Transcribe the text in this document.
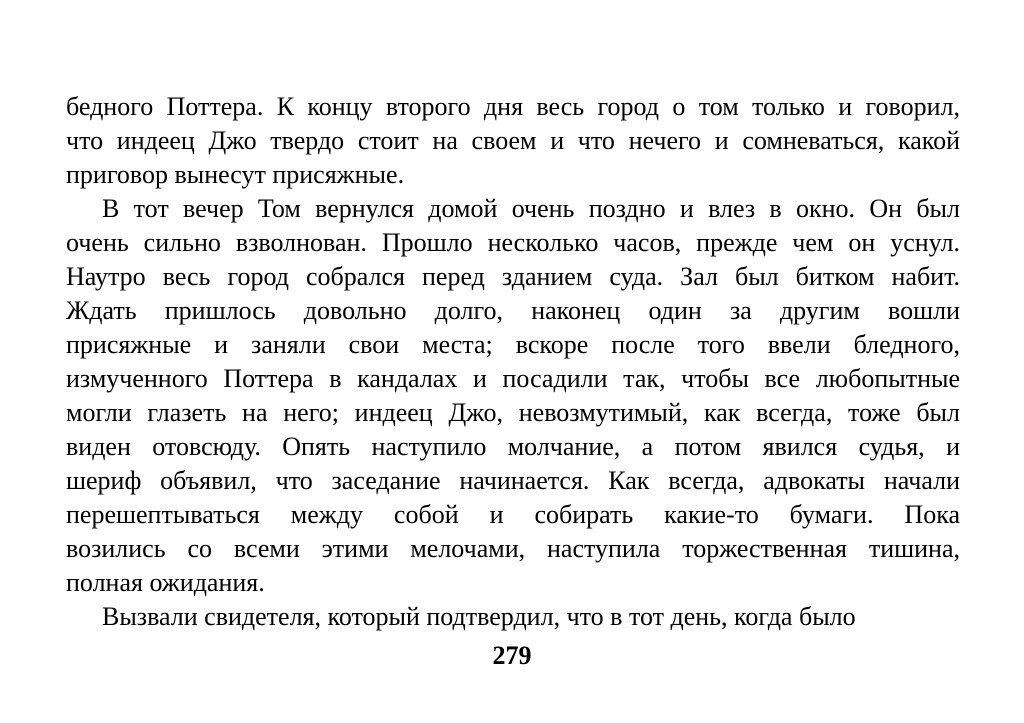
бедного Поттера. К концу второго дня весь город о том только и говорил,
что индеец Джо твердо стоит на своем и что нечего и сомневаться, какой
приговор вынесут присяжные.
В тот вечер Том вернулся домой очень поздно и влез в окно. Он был
очень сильно взволнован. Прошло несколько часов, прежде чем он уснул.
Наутро весь город собрался перед зданием суда. Зал был битком набит.
Ждать пришлось довольно долго, наконец один за другим вошли
присяжные и заняли свои места; вскоре после того ввели бледного,
измученного Поттера в кандалах и посадили так, чтобы все любопытные
могли глазеть на него; индеец Джо, невозмутимый, как всегда, тоже был
виден отовсюду. Опять наступило молчание, а потом явился судья, и
шериф объявил, что заседание начинается. Как всегда, адвокаты начали
перешептываться между собой и собирать какие-то бумаги. Пока
возились со всеми этими мелочами, наступила торжественная тишина,
полная ожидания.
Вызвали свидетеля, который подтвердил, что в тот день, когда было
279
